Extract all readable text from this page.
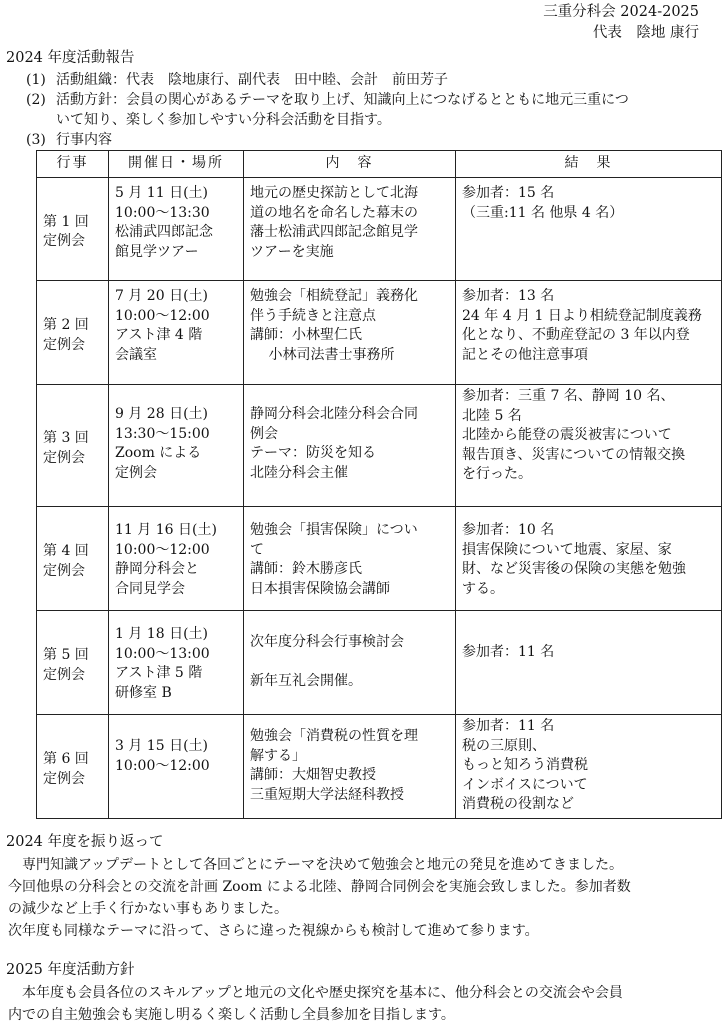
三重分科会 2024-2025
代表　陰地 康行
2024 年度活動報告
(1) 活動組織：代表　陰地康行、副代表　田中睦、会計　前田芳子
(2) 活動方針：会員の関心があるテーマを取り上げ、知識向上につなげるとともに地元三重につ
いて知り、楽しく参加しやすい分科会活動を目指す。
(3) 行事内容
行事	開催日・場所	内　容	結　果

第 1 回
定例会	5 月 11 日(土)
10:00～13:30
松浦武四郎記念
館見学ツアー	地元の歴史探訪として北海
道の地名を命名した幕末の
藩士松浦武四郎記念館見学
ツアーを実施	参加者：15 名
（三重:11 名 他県 4 名）

第 2 回
定例会	7 月 20 日(土)
10:00～12:00
アスト津 4 階
会議室	勉強会「相続登記」義務化
伴う手続きと注意点
講師：小林聖仁氏
　 小林司法書士事務所	参加者：13 名
24 年 4 月 1 日より相続登記制度義務
化となり、不動産登記の 3 年以内登
記とその他注意事項

第 3 回
定例会	9 月 28 日(土)
13:30～15:00
Zoom による
定例会	静岡分科会北陸分科会合同
例会
テーマ：防災を知る
北陸分科会主催	参加者：三重 7 名、静岡 10 名、
北陸 5 名
北陸から能登の震災被害について
報告頂き、災害についての情報交換
を行った。

第 4 回
定例会	11 月 16 日(土)
10:00～12:00
静岡分科会と
合同見学会	勉強会「損害保険」につい
て
講師：鈴木勝彦氏
日本損害保険協会講師	参加者：10 名
損害保険について地震、家屋、家
財、など災害後の保険の実態を勉強
する。

第 5 回
定例会	1 月 18 日(土)
10:00～13:00
アスト津 5 階
研修室 B	次年度分科会行事検討会
新年互礼会開催。	参加者：11 名

第 6 回
定例会	3 月 15 日(土)
10:00～12:00	勉強会「消費税の性質を理
解する」
講師：大畑智史教授
三重短期大学法経科教授	参加者：11 名
税の三原則、
もっと知ろう消費税
インボイスについて
消費税の役割など
2024 年度を振り返って
　専門知識アップデートとして各回ごとにテーマを決めて勉強会と地元の発見を進めてきました。
今回他県の分科会との交流を計画 Zoom による北陸、静岡合同例会を実施会致しました。参加者数
の減少など上手く行かない事もありました。
次年度も同様なテーマに沿って、さらに違った視線からも検討して進めて参ります。
2025 年度活動方針
　本年度も会員各位のスキルアップと地元の文化や歴史探究を基本に、他分科会との交流会や会員
内での自主勉強会も実施し明るく楽しく活動し全員参加を目指します。
